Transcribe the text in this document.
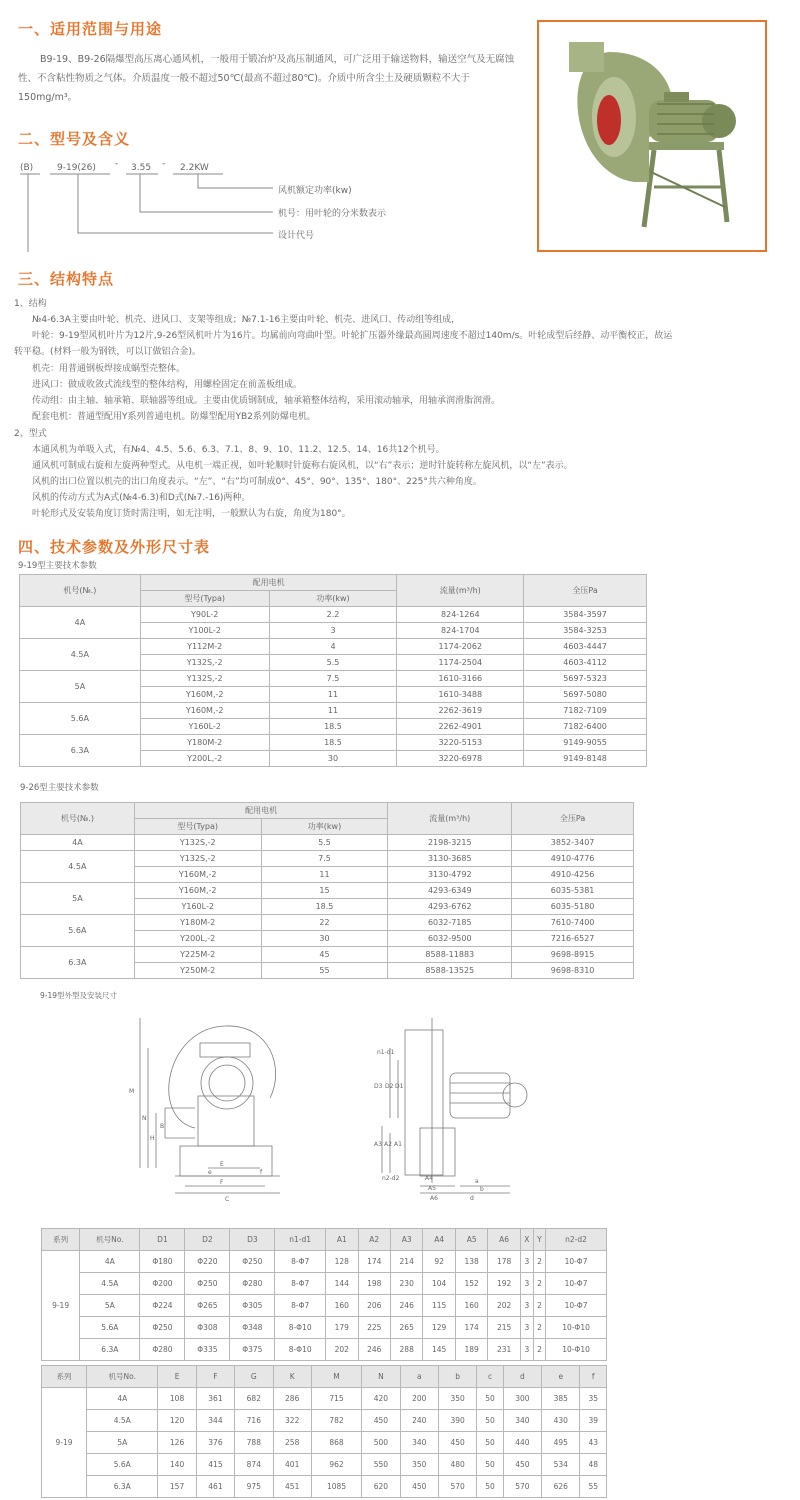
一、适用范围与用途
B9-19、B9-26隔爆型高压离心通风机，一般用于锻冶炉及高压制通风，可广泛用于输送物料，输送空气及无腐蚀性、不含粘性物质之气体。介质温度一般不超过50℃(最高不超过80℃)。介质中所含尘土及硬质颗粒不大于150mg/m³。
二、型号及含义
(B)	9-19(26) - 3.55 - 2.2KW
风机额定功率(kw)
机号：用叶轮的分米数表示
设计代号
三、结构特点
1、结构
№4-6.3A主要由叶轮、机壳、进风口、支架等组成；№7.1-16主要由叶轮、机壳、进风口、传动组等组成，
叶轮：9-19型风机叶片为12片,9-26型风机叶片为16片。均属前向弯曲叶型。叶轮扩压器外缘最高圆周速度不超过140m/s。叶轮成型后经静、动平衡校正，故运
转平稳。(材料一般为钢铁，可以订做铝合金)。
机壳：用普通钢板焊接成蜗型壳整体。
进风口：做成收敛式流线型的整体结构，用螺栓固定在前盖板组成。
传动组：由主轴、轴承箱、联轴器等组成。主要由优质钢制成，轴承箱整体结构，采用滚动轴承，用轴承润滑脂润滑。
配套电机：普通型配用Y系列普通电机。防爆型配用YB2系列防爆电机。
2、型式
本通风机为单吸入式，有№4、4.5、5.6、6.3、7.1、8、9、10、11.2、12.5、14、16共12个机号。
通风机可制成右旋和左旋两种型式。从电机一端正视，如叶轮顺时针旋称右旋风机，以“右”表示；逆时针旋转称左旋风机，以“左”表示。
风机的出口位置以机壳的出口角度表示。“左”、“右”均可制成0°、45°、90°、135°、180°、225°共六种角度。
风机的传动方式为A式(№4-6.3)和D式(№7.-16)两种。
叶轮形式及安装角度订货时需注明，如无注明，一般默认为右旋，角度为180°。
四、技术参数及外形尺寸表
9-19型主要技术参数
机号(№.)	配用电机		流量(m³/h)	全压Pa
	型号(Typa)	功率(kw)		
4A	Y90L-2	2.2	824-1264	3584-3597
	Y100L-2	3	824-1704	3584-3253
4.5A	Y112M-2	4	1174-2062	4603-4447
	Y132S,-2	5.5	1174-2504	4603-4112
5A	Y132S,-2	7.5	1610-3166	5697-5323
	Y160M,-2	11	1610-3488	5697-5080
5.6A	Y160M,-2	11	2262-3619	7182-7109
	Y160L-2	18.5	2262-4901	7182-6400
6.3A	Y180M-2	18.5	3220-5153	9149-9055
	Y200L,-2	30	3220-6978	9149-8148
9-26型主要技术参数
机号(№.)	配用电机		流量(m³/h)	全压Pa
	型号(Typa)	功率(kw)		
4A	Y132S,-2	5.5	2198-3215	3852-3407
4.5A	Y132S,-2	7.5	3130-3685	4910-4776
	Y160M,-2	11	3130-4792	4910-4256
5A	Y160M,-2	15	4293-6349	6035-5381
	Y160L-2	18.5	4293-6762	6035-5180
5.6A	Y180M-2	22	6032-7185	7610-7400
	Y200L,-2	30	6032-9500	7216-6527
6.3A	Y225M-2	45	8588-11883	9698-8915
	Y250M-2	55	8588-13525	9698-8310
9-19型外型及安装尺寸
M
N
H
B
E
F
C
e	f
n1-d1
D3 D2 D1
A3 A2 A1
n2-d2	A4
A5
A6
a
b
d
系列	机号No.	D1	D2	D3	n1-d1	A1	A2	A3	A4	A5	A6	X	Y	n2-d2
9-19	4A	Φ180	Φ220	Φ250	8-Φ7	128	174	214	92	138	178	3	2	10-Φ7
	4.5A	Φ200	Φ250	Φ280	8-Φ7	144	198	230	104	152	192	3	2	10-Φ7
	5A	Φ224	Φ265	Φ305	8-Φ7	160	206	246	115	160	202	3	2	10-Φ7
	5.6A	Φ250	Φ308	Φ348	8-Φ10	179	225	265	129	174	215	3	2	10-Φ10
	6.3A	Φ280	Φ335	Φ375	8-Φ10	202	246	288	145	189	231	3	2	10-Φ10
系列	机号No.	E	F	G	K	M	N	a	b	c	d	e	f
9-19	4A	108	361	682	286	715	420	200	350	50	300	385	35
	4.5A	120	344	716	322	782	450	240	390	50	340	430	39
	5A	126	376	788	258	868	500	340	450	50	440	495	43
	5.6A	140	415	874	401	962	550	350	480	50	450	534	48
	6.3A	157	461	975	451	1085	620	450	570	50	570	626	55
